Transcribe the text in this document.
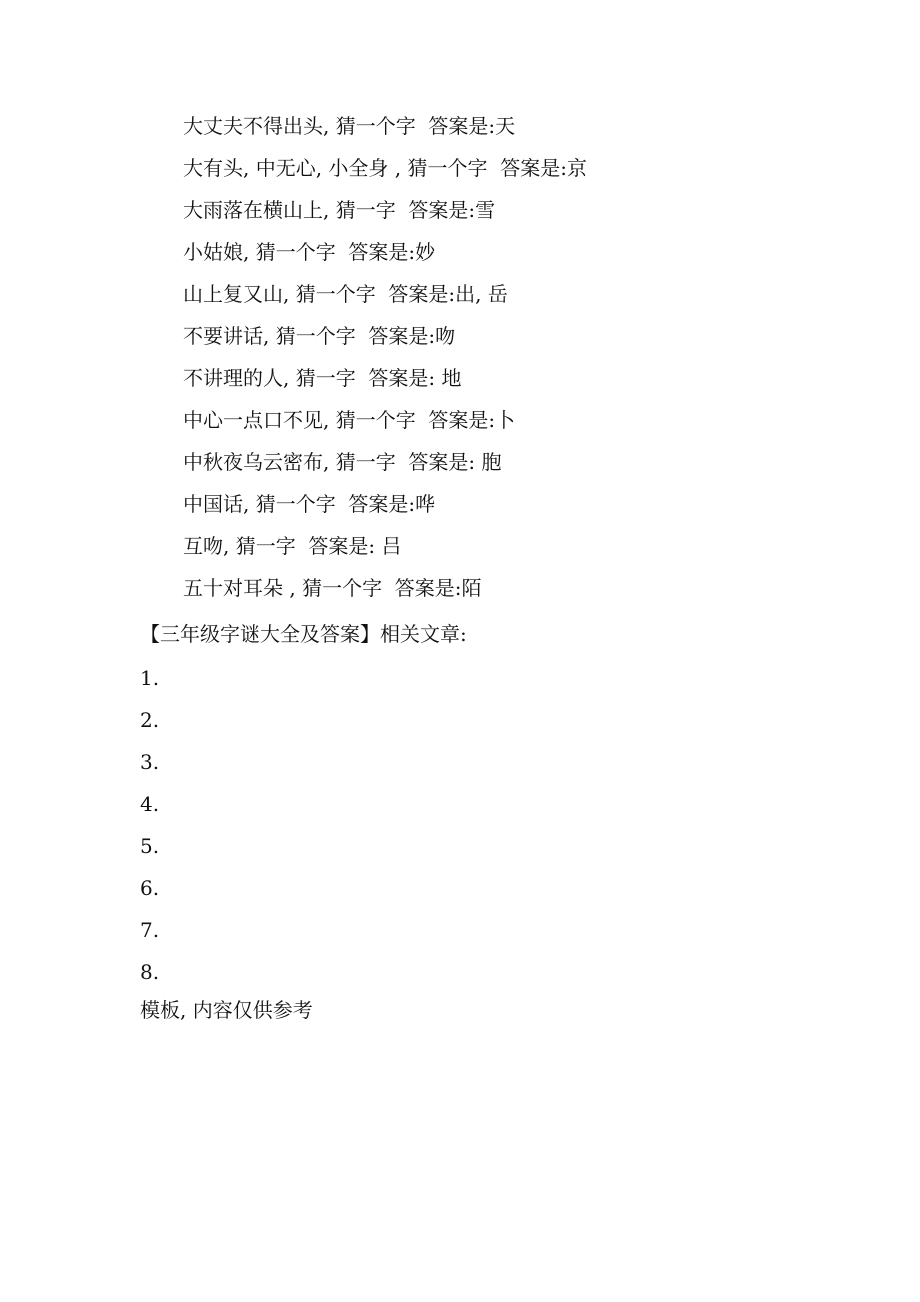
大丈夫不得出头, 猜一个字  答案是:天
大有头, 中无心, 小全身 , 猜一个字  答案是:京
大雨落在横山上, 猜一字  答案是:雪
小姑娘, 猜一个字  答案是:妙
山上复又山, 猜一个字  答案是:出, 岳
不要讲话, 猜一个字  答案是:吻
不讲理的人, 猜一字  答案是: 地
中心一点口不见, 猜一个字  答案是:卜
中秋夜乌云密布, 猜一字  答案是: 胞
中国话, 猜一个字  答案是:哗
互吻, 猜一字  答案是: 吕
五十对耳朵 , 猜一个字  答案是:陌
【三年级字谜大全及答案】相关文章:
1.
2.
3.
4.
5.
6.
7.
8.
模板, 内容仅供参考
